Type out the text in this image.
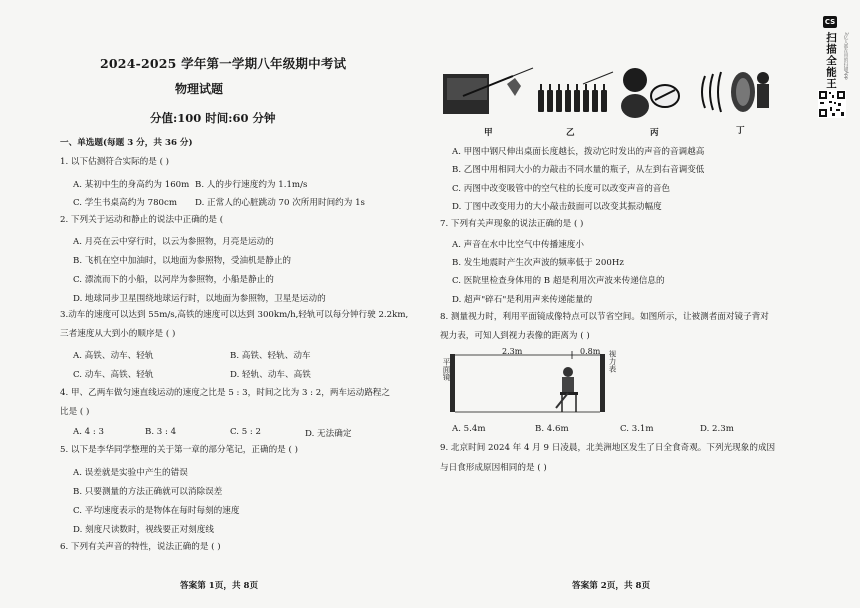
2024-2025 学年第一学期八年级期中考试
物理试题
分值:100 时间:60 分钟
一、单选题(每题 3 分，共 36 分)
1. 以下估测符合实际的是 ( )
A. 某初中生的身高约为 160m B. 人的步行速度约为 1.1m/s
C. 学生书桌高约为 780cm D. 正常人的心脏跳动 70 次所用时间约为 1s
2. 下列关于运动和静止的说法中正确的是 (
A. 月亮在云中穿行时，以云为参照物，月亮是运动的
B. 飞机在空中加油时，以地面为参照物，受油机是静止的
C. 漂流而下的小船，以河岸为参照物，小船是静止的
D. 地球同步卫星围绕地球运行时，以地面为参照物，卫星是运动的
3.动车的速度可以达到 55m/s,高铁的速度可以达到 300km/h,轻轨可以每分钟行驶 2.2km,
三者速度从大到小的顺序是 ( )
A. 高铁、动车、轻轨	B. 高铁、轻轨、动车
C. 动车、高铁、轻轨	D. 轻轨、动车、高铁
4. 甲、乙两车做匀速直线运动的速度之比是 5 : 3，时间之比为 3 : 2，两车运动路程之
比是 ( )
A. 4 : 3	B. 3 : 4	C. 5 : 2	D. 无法确定
5. 以下是李华同学整理的关于第一章的部分笔记，正确的是 ( )
A. 误差就是实验中产生的错误
B. 只要测量的方法正确就可以消除误差
C. 平均速度表示的是物体在每时每刻的速度
D. 刻度尺读数时，视线要正对刻度线
6. 下列有关声音的特性，说法正确的是 ( )
答案第 1页，共 8页
甲	乙	丙	丁
A. 甲图中钢尺伸出桌面长度越长，拨动它时发出的声音的音调越高
B. 乙图中用相同大小的力敲击不同水量的瓶子，从左到右音调变低
C. 丙图中改变吸管中的空气柱的长度可以改变声音的音色
D. 丁图中改变用力的大小敲击鼓面可以改变其振动幅度
7. 下列有关声现象的说法正确的是 ( )
A. 声音在水中比空气中传播速度小
B. 发生地震时产生次声波的频率低于 200Hz
C. 医院里检查身体用的 B 超是利用次声波来传递信息的
D. 超声"碎石"是利用声来传递能量的
8. 测量视力时，利用平面镜成像特点可以节省空间。如图所示，让被测者面对镜子背对
视力表，可知人到视力表像的距离为 ( )
2.3m	0.8m
平面镜	视力表
A. 5.4m	B. 4.6m	C. 3.1m	D. 2.3m
9. 北京时间 2024 年 4 月 9 日凌晨，北美洲地区发生了日全食奇观。下列光现象的成因
与日食形成原因相同的是 ( )
答案第 2页，共 8页
CS
扫描全能王	3亿人都在用的扫描App
